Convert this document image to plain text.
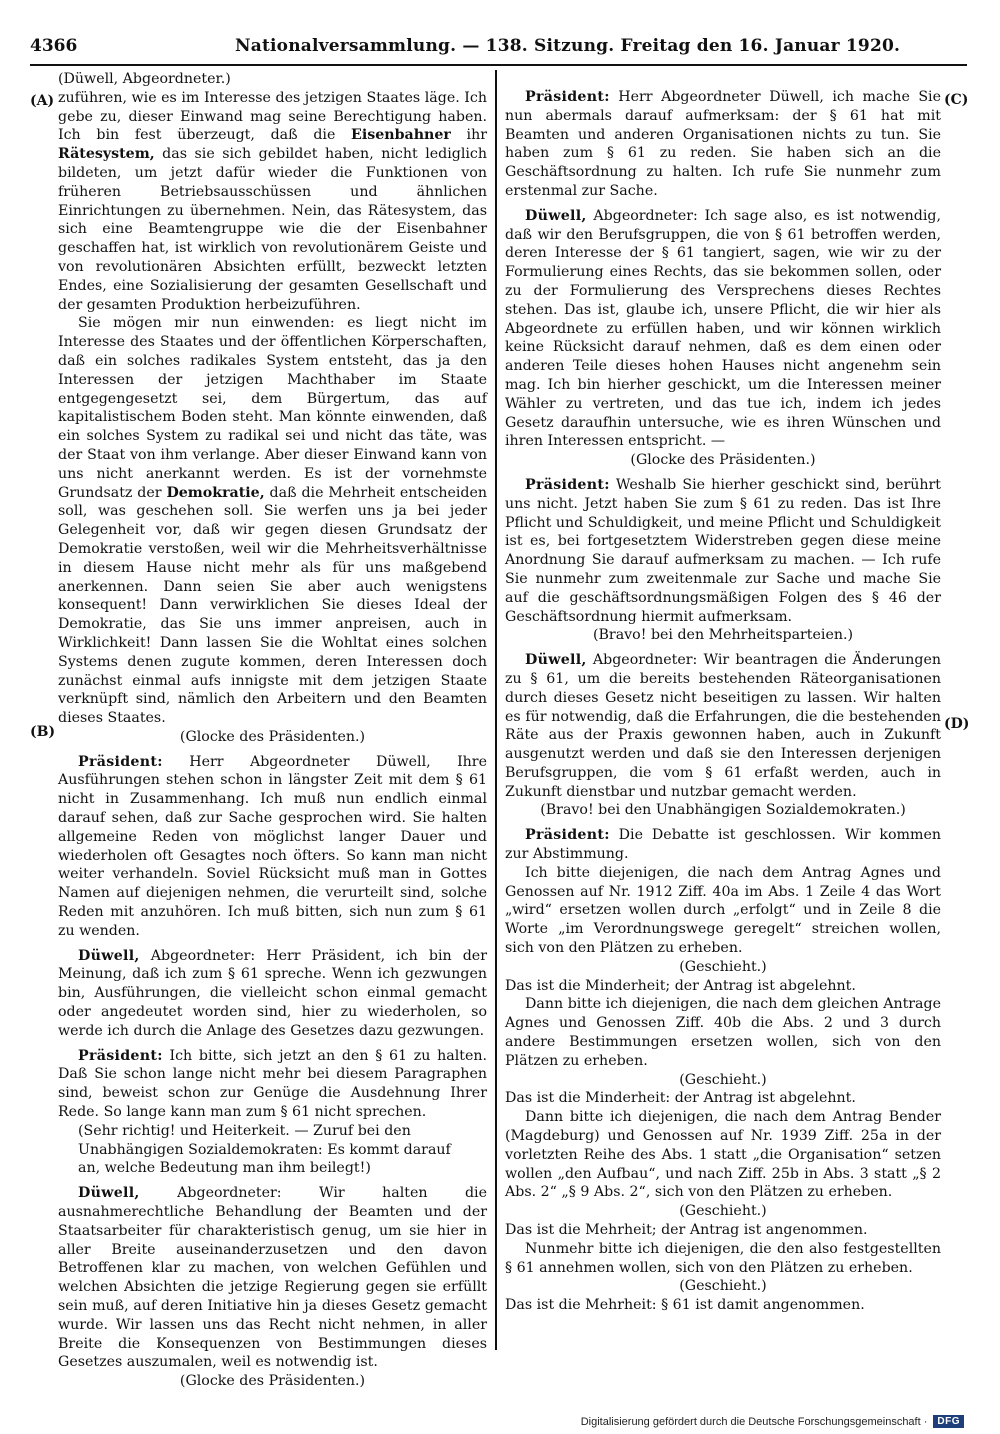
4366	Nationalversammlung. — 138. Sitzung. Freitag den 16. Januar 1920.
(A)
(B)
(C)
(D)

(Düwell, Abgeordneter.)

zuführen, wie es im Interesse des jetzigen Staates läge. Ich gebe zu, dieser Einwand mag seine Berechtigung haben. Ich bin fest überzeugt, daß die Eisenbahner ihr Rätesystem, das sie sich gebildet haben, nicht lediglich bildeten, um jetzt dafür wieder die Funktionen von früheren Betriebsausschüssen und ähnlichen Einrichtungen zu übernehmen. Nein, das Rätesystem, das sich eine Beamtengruppe wie die der Eisenbahner geschaffen hat, ist wirklich von revolutionärem Geiste und von revolutionären Absichten erfüllt, bezweckt letzten Endes, eine Sozialisierung der gesamten Gesellschaft und der gesamten Produktion herbeizuführen.

Sie mögen mir nun einwenden: es liegt nicht im Interesse des Staates und der öffentlichen Körperschaften, daß ein solches radikales System entsteht, das ja den Interessen der jetzigen Machthaber im Staate entgegengesetzt sei, dem Bürgertum, das auf kapitalistischem Boden steht. Man könnte einwenden, daß ein solches System zu radikal sei und nicht das täte, was der Staat von ihm verlange. Aber dieser Einwand kann von uns nicht anerkannt werden. Es ist der vornehmste Grundsatz der Demokratie, daß die Mehrheit entscheiden soll, was geschehen soll. Sie werfen uns ja bei jeder Gelegenheit vor, daß wir gegen diesen Grundsatz der Demokratie verstoßen, weil wir die Mehrheitsverhältnisse in diesem Hause nicht mehr als für uns maßgebend anerkennen. Dann seien Sie aber auch wenigstens konsequent! Dann verwirklichen Sie dieses Ideal der Demokratie, das Sie uns immer anpreisen, auch in Wirklichkeit! Dann lassen Sie die Wohltat eines solchen Systems denen zugute kommen, deren Interessen doch zunächst einmal aufs innigste mit dem jetzigen Staate verknüpft sind, nämlich den Arbeitern und den Beamten dieses Staates.

(Glocke des Präsidenten.)

Präsident: Herr Abgeordneter Düwell, Ihre Ausführungen stehen schon in längster Zeit mit dem § 61 nicht in Zusammenhang. Ich muß nun endlich einmal darauf sehen, daß zur Sache gesprochen wird. Sie halten allgemeine Reden von möglichst langer Dauer und wiederholen oft Gesagtes noch öfters. So kann man nicht weiter verhandeln. Soviel Rücksicht muß man in Gottes Namen auf diejenigen nehmen, die verurteilt sind, solche Reden mit anzuhören. Ich muß bitten, sich nun zum § 61 zu wenden.

Düwell, Abgeordneter: Herr Präsident, ich bin der Meinung, daß ich zum § 61 spreche. Wenn ich gezwungen bin, Ausführungen, die vielleicht schon einmal gemacht oder angedeutet worden sind, hier zu wiederholen, so werde ich durch die Anlage des Gesetzes dazu gezwungen.

Präsident: Ich bitte, sich jetzt an den § 61 zu halten. Daß Sie schon lange nicht mehr bei diesem Paragraphen sind, beweist schon zur Genüge die Ausdehnung Ihrer Rede. So lange kann man zum § 61 nicht sprechen.

(Sehr richtig! und Heiterkeit. — Zuruf bei den Unabhängigen Sozialdemokraten: Es kommt darauf an, welche Bedeutung man ihm beilegt!)

Düwell, Abgeordneter: Wir halten die ausnahmerechtliche Behandlung der Beamten und der Staatsarbeiter für charakteristisch genug, um sie hier in aller Breite auseinanderzusetzen und den davon Betroffenen klar zu machen, von welchen Gefühlen und welchen Absichten die jetzige Regierung gegen sie erfüllt sein muß, auf deren Initiative hin ja dieses Gesetz gemacht wurde. Wir lassen uns das Recht nicht nehmen, in aller Breite die Konsequenzen von Bestimmungen dieses Gesetzes auszumalen, weil es notwendig ist.

(Glocke des Präsidenten.)

Präsident: Herr Abgeordneter Düwell, ich mache Sie nun abermals darauf aufmerksam: der § 61 hat mit Beamten und anderen Organisationen nichts zu tun. Sie haben zum § 61 zu reden. Sie haben sich an die Geschäftsordnung zu halten. Ich rufe Sie nunmehr zum erstenmal zur Sache.

Düwell, Abgeordneter: Ich sage also, es ist notwendig, daß wir den Berufsgruppen, die von § 61 betroffen werden, deren Interesse der § 61 tangiert, sagen, wie wir zu der Formulierung eines Rechts, das sie bekommen sollen, oder zu der Formulierung des Versprechens dieses Rechtes stehen. Das ist, glaube ich, unsere Pflicht, die wir hier als Abgeordnete zu erfüllen haben, und wir können wirklich keine Rücksicht darauf nehmen, daß es dem einen oder anderen Teile dieses hohen Hauses nicht angenehm sein mag. Ich bin hierher geschickt, um die Interessen meiner Wähler zu vertreten, und das tue ich, indem ich jedes Gesetz daraufhin untersuche, wie es ihren Wünschen und ihren Interessen entspricht. —

(Glocke des Präsidenten.)

Präsident: Weshalb Sie hierher geschickt sind, berührt uns nicht. Jetzt haben Sie zum § 61 zu reden. Das ist Ihre Pflicht und Schuldigkeit, und meine Pflicht und Schuldigkeit ist es, bei fortgesetztem Widerstreben gegen diese meine Anordnung Sie darauf aufmerksam zu machen. — Ich rufe Sie nunmehr zum zweitenmale zur Sache und mache Sie auf die geschäftsordnungsmäßigen Folgen des § 46 der Geschäftsordnung hiermit aufmerksam.

(Bravo! bei den Mehrheitsparteien.)

Düwell, Abgeordneter: Wir beantragen die Änderungen zu § 61, um die bereits bestehenden Räteorganisationen durch dieses Gesetz nicht beseitigen zu lassen. Wir halten es für notwendig, daß die Erfahrungen, die die bestehenden Räte aus der Praxis gewonnen haben, auch in Zukunft ausgenutzt werden und daß sie den Interessen derjenigen Berufsgruppen, die vom § 61 erfaßt werden, auch in Zukunft dienstbar und nutzbar gemacht werden.

(Bravo! bei den Unabhängigen Sozialdemokraten.)

Präsident: Die Debatte ist geschlossen. Wir kommen zur Abstimmung.

Ich bitte diejenigen, die nach dem Antrag Agnes und Genossen auf Nr. 1912 Ziff. 40a im Abs. 1 Zeile 4 das Wort „wird“ ersetzen wollen durch „erfolgt“ und in Zeile 8 die Worte „im Verordnungswege geregelt“ streichen wollen, sich von den Plätzen zu erheben.

(Geschieht.)

Das ist die Minderheit; der Antrag ist abgelehnt.

Dann bitte ich diejenigen, die nach dem gleichen Antrage Agnes und Genossen Ziff. 40b die Abs. 2 und 3 durch andere Bestimmungen ersetzen wollen, sich von den Plätzen zu erheben.

(Geschieht.)

Das ist die Minderheit: der Antrag ist abgelehnt.

Dann bitte ich diejenigen, die nach dem Antrag Bender (Magdeburg) und Genossen auf Nr. 1939 Ziff. 25a in der vorletzten Reihe des Abs. 1 statt „die Organisation“ setzen wollen „den Aufbau“, und nach Ziff. 25b in Abs. 3 statt „§ 2 Abs. 2“ „§ 9 Abs. 2“, sich von den Plätzen zu erheben.

(Geschieht.)

Das ist die Mehrheit; der Antrag ist angenommen.

Nunmehr bitte ich diejenigen, die den also festgestellten § 61 annehmen wollen, sich von den Plätzen zu erheben.

(Geschieht.)

Das ist die Mehrheit: § 61 ist damit angenommen.

Digitalisierung gefördert durch die Deutsche Forschungsgemeinschaft ·	DFG
